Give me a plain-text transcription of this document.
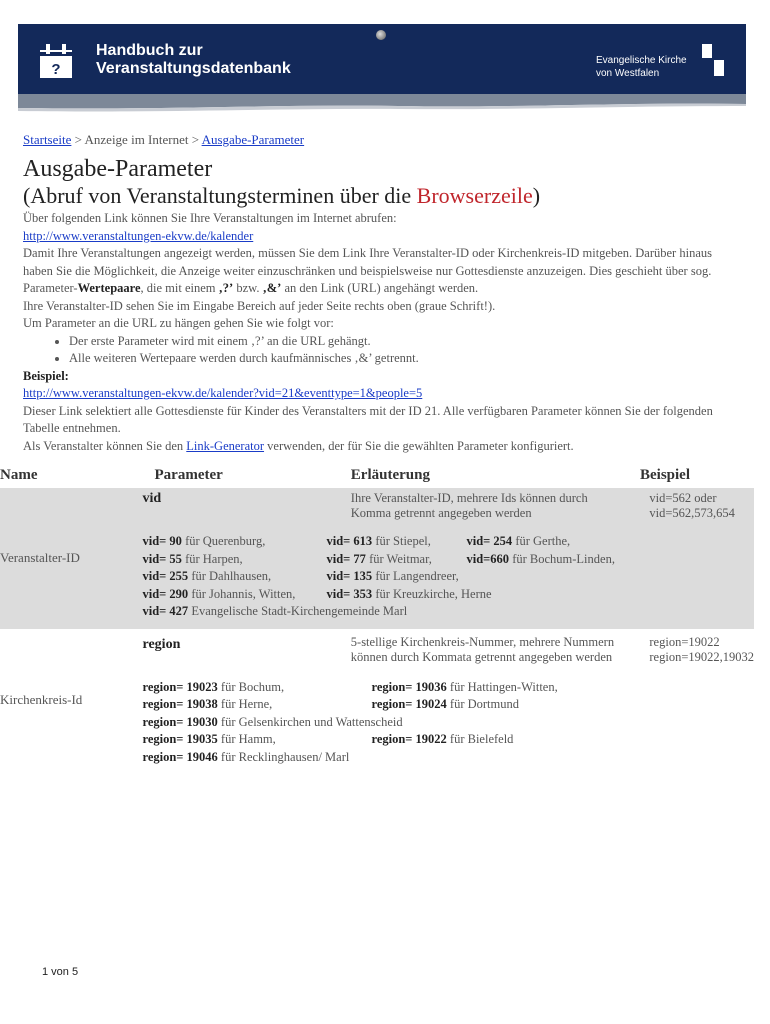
?
Handbuch zur
Veranstaltungsdatenbank	Evangelische Kirche
von Westfalen
Startseite > Anzeige im Internet > Ausgabe-Parameter
Ausgabe-Parameter
(Abruf von Veranstaltungsterminen über die Browserzeile)
Über folgenden Link können Sie Ihre Veranstaltungen im Internet abrufen:
http://www.veranstaltungen-ekvw.de/kalender
Damit Ihre Veranstaltungen angezeigt werden, müssen Sie dem Link Ihre Veranstalter-ID oder Kirchenkreis-ID mitgeben. Darüber hinaus haben Sie die Möglichkeit, die Anzeige weiter einzuschränken und beispielsweise nur Gottesdienste anzuzeigen. Dies geschieht über sog. Parameter-Wertepaare, die mit einem ‚?’ bzw. ‚&’ an den Link (URL) angehängt werden.
Ihre Veranstalter-ID sehen Sie im Eingabe Bereich auf jeder Seite rechts oben (graue Schrift!).
Um Parameter an die URL zu hängen gehen Sie wie folgt vor:
• Der erste Parameter wird mit einem ‚?’ an die URL gehängt.
• Alle weiteren Wertepaare werden durch kaufmännisches ‚&’ getrennt.
Beispiel:
http://www.veranstaltungen-ekvw.de/kalender?vid=21&eventtype=1&people=5
Dieser Link selektiert alle Gottesdienste für Kinder des Veranstalters mit der ID 21. Alle verfügbaren Parameter können Sie der folgenden Tabelle entnehmen.
Als Veranstalter können Sie den Link-Generator verwenden, der für Sie die gewählten Parameter konfiguriert.
Name	Parameter	Erläuterung	Beispiel
Veranstalter-ID	vid	Ihre Veranstalter-ID, mehrere Ids können durch Komma getrennt angegeben werden	vid=562 oder
vid=562,573,654

	vid= 90 für Querenburg, vid= 613 für Stiepel, vid= 254 für Gerthe,
vid= 55 für Harpen, vid= 77 für Weitmar, vid=660 für Bochum-Linden,
vid= 255 für Dahlhausen, vid= 135 für Langendreer,
vid= 290 für Johannis, Witten, vid= 353 für Kreuzkirche, Herne
vid= 427 Evangelische Stadt-Kirchengemeinde Marl		

Kirchenkreis-Id	region	5-stellige Kirchenkreis-Nummer, mehrere Nummern können durch Kommata getrennt angegeben werden	region=19022
region=19022,19032

	region= 19023 für Bochum, region= 19036 für Hattingen-Witten,
region= 19038 für Herne, region= 19024 für Dortmund
region= 19030 für Gelsenkirchen und Wattenscheid
region= 19035 für Hamm, region= 19022 für Bielefeld
region= 19046 für Recklinghausen/ Marl		
1 von 5
